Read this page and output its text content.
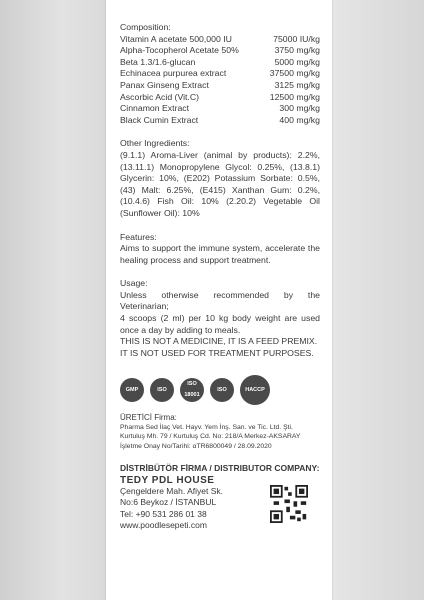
Composition:

Vitamin A acetate 500,000 IU	75000 IU/kg
Alpha-Tocopherol Acetate 50%	3750 mg/kg
Beta 1.3/1.6-glucan	5000 mg/kg
Echinacea purpurea extract	37500 mg/kg
Panax Ginseng Extract	3125 mg/kg
Ascorbic Acid (Vit.C)	12500 mg/kg
Cinnamon Extract	300 mg/kg
Black Cumin Extract	400 mg/kg

Other Ingredients:

(9.1.1) Aroma-Liver (animal by products): 2.2%, (13.11.1) Monopropylene Glycol: 0.25%, (13.8.1) Glycerin: 10%, (E202) Potassium Sorbate: 0.5%, (43) Malt: 6.25%, (E415) Xanthan Gum: 0.2%, (10.4.6) Fish Oil: 10% (2.20.2) Vegetable Oil (Sunflower Oil): 10%

Features:

Aims to support the immune system, accelerate the healing process and support treatment.

Usage:

Unless otherwise recommended by the Veterinarian;

4 scoops (2 ml) per 10 kg body weight are used once a day by adding to meals.

THIS IS NOT A MEDICINE, IT IS A FEED PREMIX.

IT IS NOT USED FOR TREATMENT PURPOSES.

GMP	ISO
ISO 18001
ISO	HACCP

ÜRETİCİ Firma:

Pharma Sed İlaç Vet. Hayv. Yem İnş. San. ve Tic. Ltd. Şti.

Kurtuluş Mh. 79 / Kurtuluş Cd. No: 218/A Merkez-AKSARAY

İşletme Onay No/Tarihi: αTR6800049 / 28.09.2020

DİSTRİBÜTÖR FİRMA / DISTRIBUTOR COMPANY:
TEDY PDL HOUSE
Çengeldere Mah. Afiyet Sk.
No:6 Beykoz / İSTANBUL
Tel: +90 531 286 01 38
www.poodlesepeti.com
